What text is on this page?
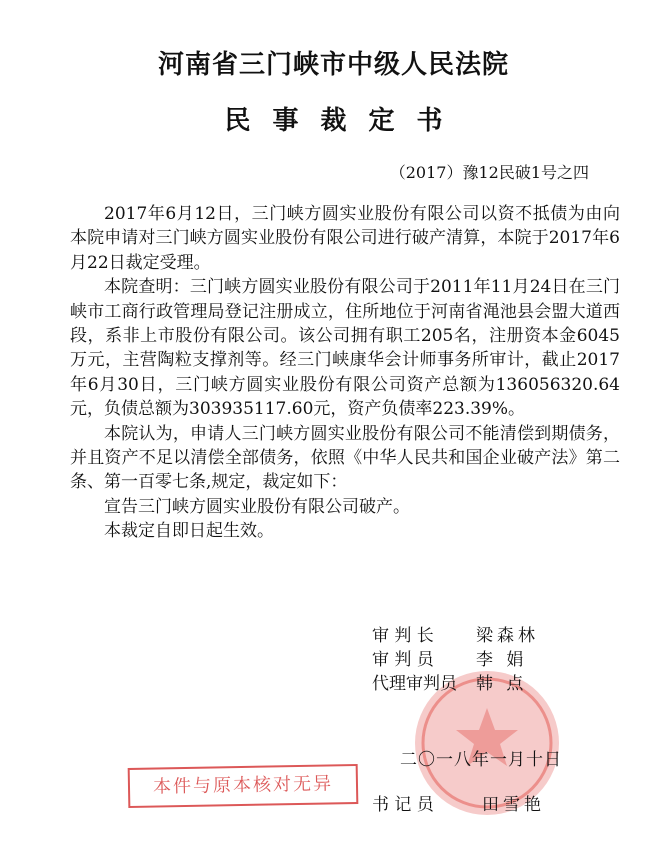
河南省三门峡市中级人民法院
民事裁定书
（2017）豫12民破1号之四

2017年6月12日，三门峡方圆实业股份有限公司以资不抵债为由向本院申请对三门峡方圆实业股份有限公司进行破产清算，本院于2017年6月22日裁定受理。

本院查明：三门峡方圆实业股份有限公司于2011年11月24日在三门峡市工商行政管理局登记注册成立，住所地位于河南省渑池县会盟大道西段，系非上市股份有限公司。该公司拥有职工205名，注册资本金6045万元，主营陶粒支撑剂等。经三门峡康华会计师事务所审计，截止2017年6月30日，三门峡方圆实业股份有限公司资产总额为136056320.64元，负债总额为303935117.60元，资产负债率223.39%。

本院认为，申请人三门峡方圆实业股份有限公司不能清偿到期债务，并且资产不足以清偿全部债务，依照《中华人民共和国企业破产法》第二条、第一百零七条,规定，裁定如下：

宣告三门峡方圆实业股份有限公司破产。

本裁定自即日起生效。

审 判 长	梁森林
审 判 员	李 娟
代理审判员	韩 点
二〇一八年一月十日
本件与原本核对无异
书 记 员	田雪艳
